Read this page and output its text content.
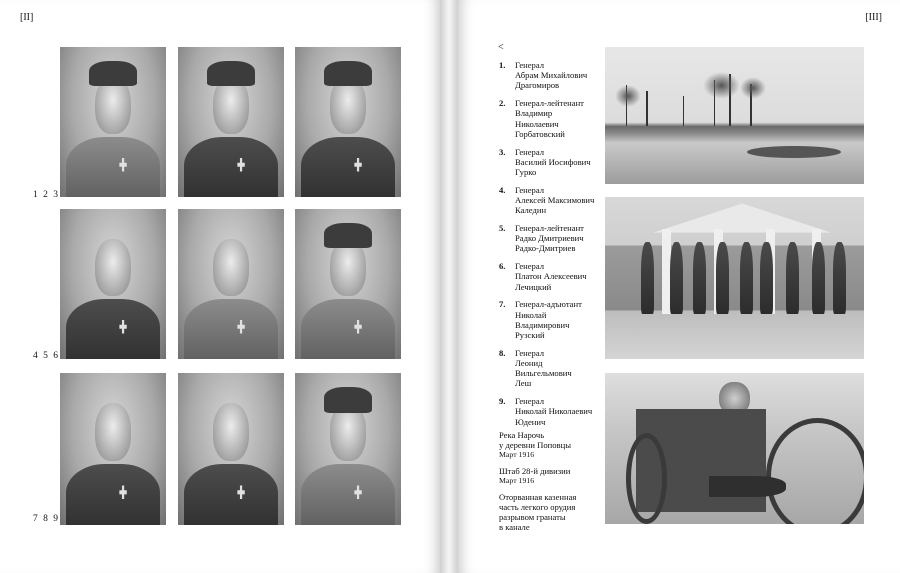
[II]	[III]
1 2 3
4 5 6
7 8 9
<
1.	Генерал
Абрам Михайлович
Драгомиров
2.	Генерал-лейтенант
Владимир
Николаевич
Горбатовский
3.	Генерал
Василий Иосифович
Гурко
4.	Генерал
Алексей Максимович
Каледин
5.	Генерал-лейтенант
Радко Дмитриевич
Радко-Дмитриев
6.	Генерал
Платон Алексеевич
Лечицкий
7.	Генерал-адъютант
Николай
Владимирович
Рузский
8.	Генерал
Леонид
Вильгельмович
Леш
9.	Генерал
Николай Николаевич
Юденич
Река Нарочь
у деревни Поповцы
Март 1916
Штаб 28-й дивизии
Март 1916
Оторванная казенная
часть легкого орудия
разрывом гранаты
в канале
